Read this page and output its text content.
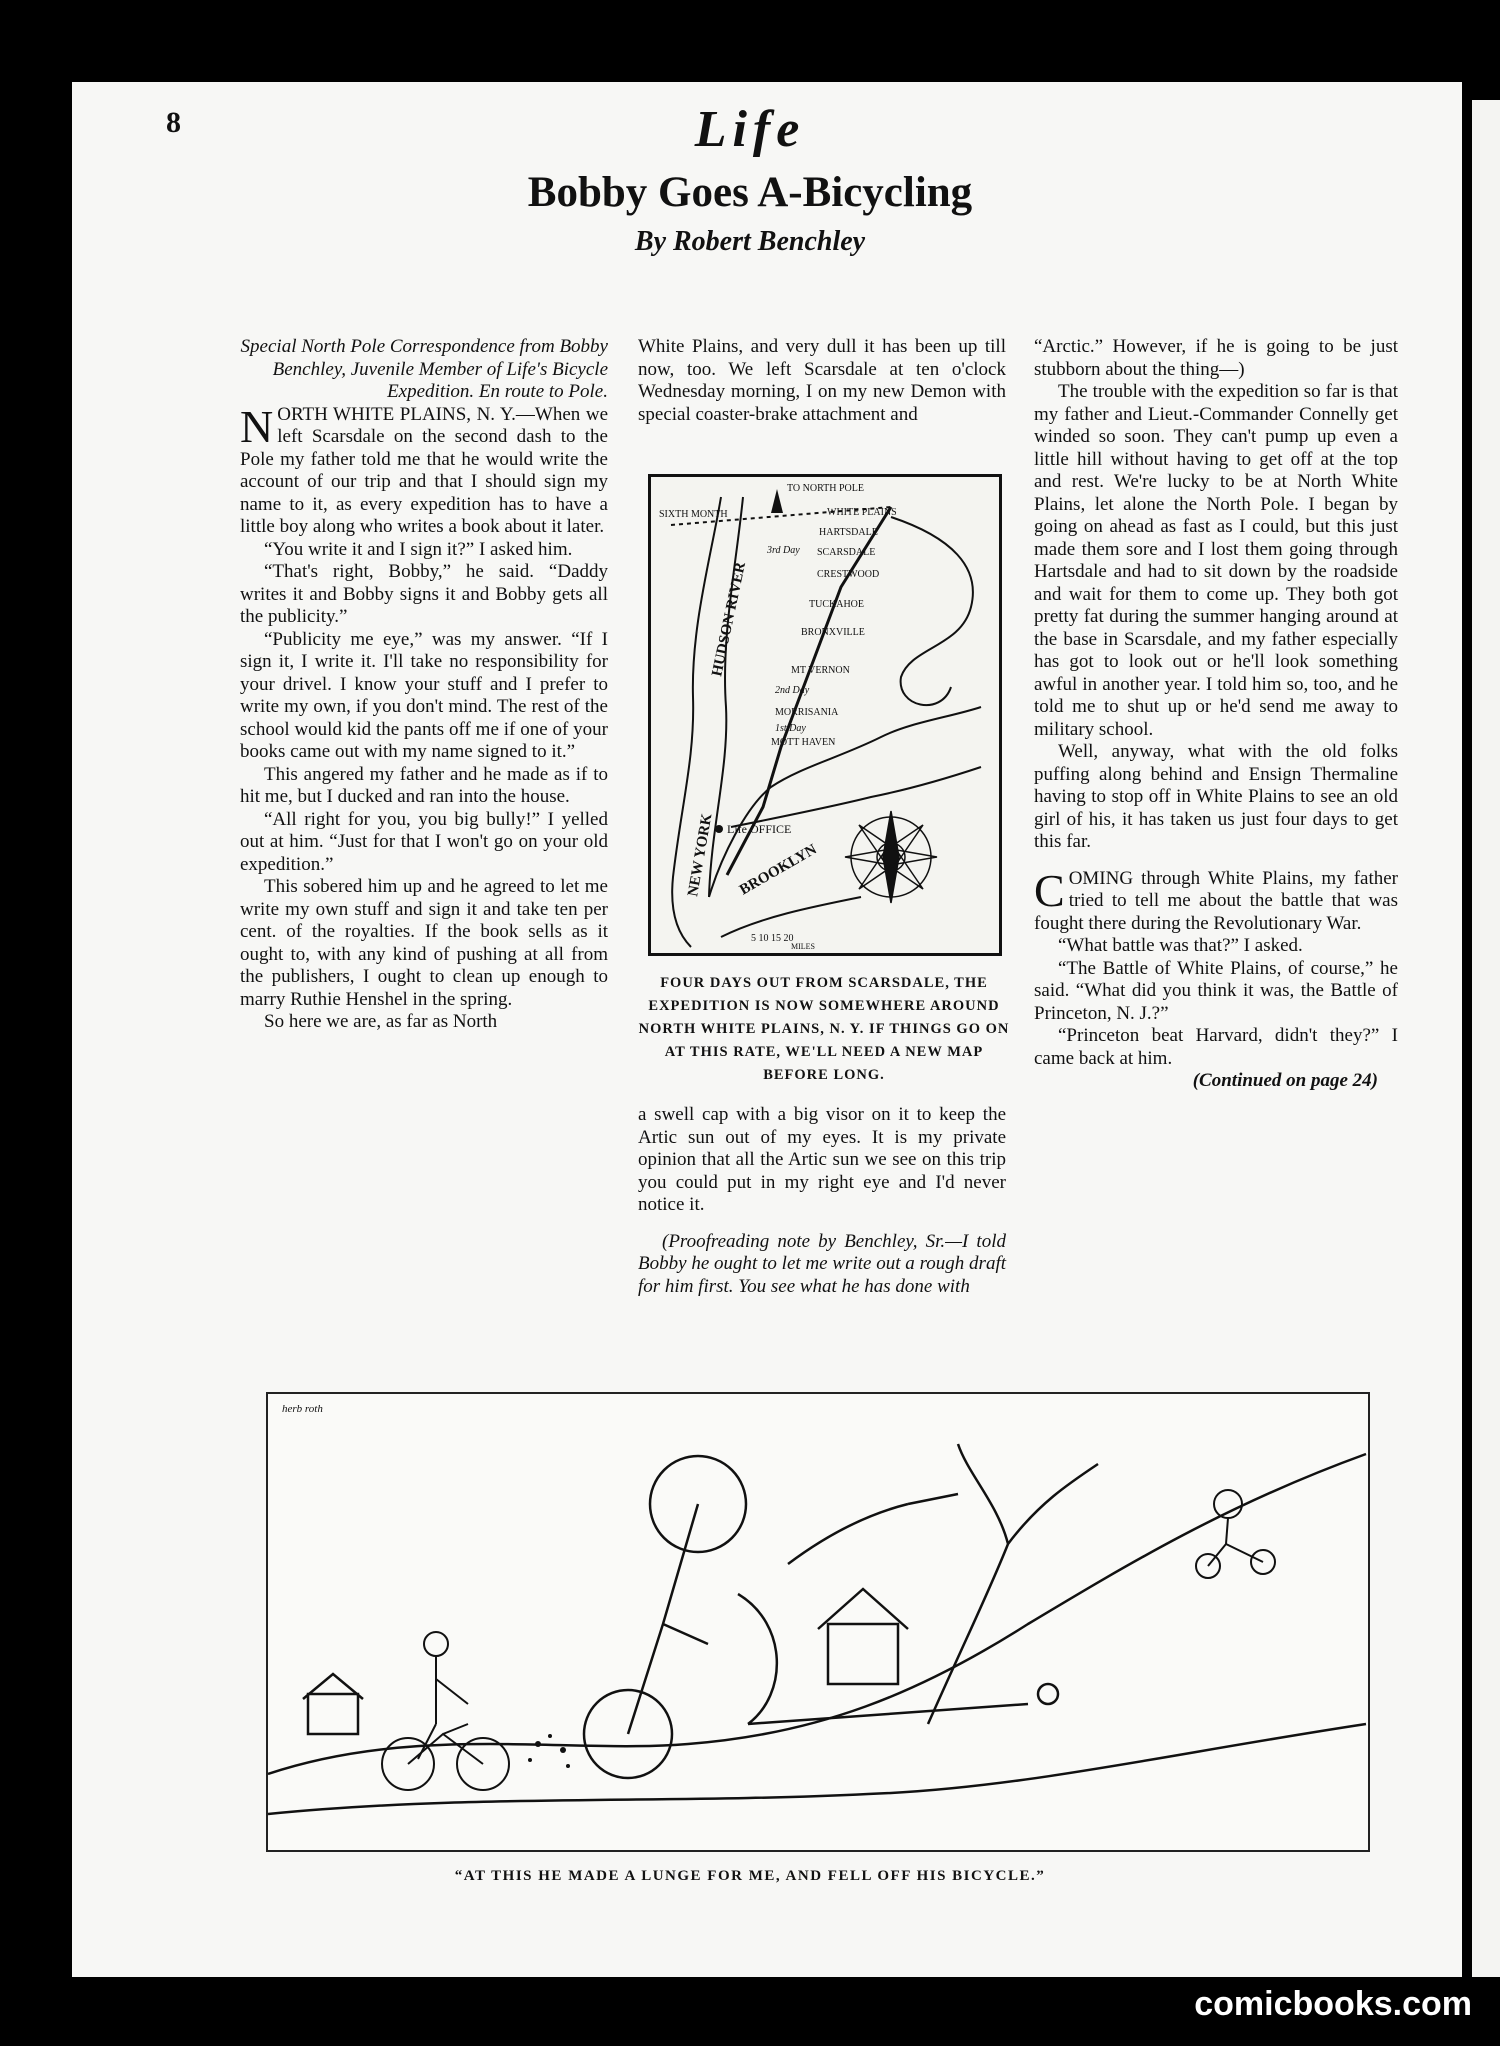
8	Life
Bobby Goes A-Bicycling
By Robert Benchley

Special North Pole Correspondence from Bobby Benchley, Juvenile Member of Life's Bicycle Expedition. En route to Pole.

NORTH WHITE PLAINS, N. Y.—When we left Scarsdale on the second dash to the Pole my father told me that he would write the account of our trip and that I should sign my name to it, as every expedition has to have a little boy along who writes a book about it later.

“You write it and I sign it?” I asked him.

“That's right, Bobby,” he said. “Daddy writes it and Bobby signs it and Bobby gets all the publicity.”

“Publicity me eye,” was my answer. “If I sign it, I write it. I'll take no responsibility for your drivel. I know your stuff and I prefer to write my own, if you don't mind. The rest of the school would kid the pants off me if one of your books came out with my name signed to it.”

This angered my father and he made as if to hit me, but I ducked and ran into the house.

“All right for you, you big bully!” I yelled out at him. “Just for that I won't go on your old expedition.”

This sobered him up and he agreed to let me write my own stuff and sign it and take ten per cent. of the royalties. If the book sells as it ought to, with any kind of pushing at all from the publishers, I ought to clean up enough to marry Ruthie Henshel in the spring.

So here we are, as far as North

White Plains, and very dull it has been up till now, too. We left Scarsdale at ten o'clock Wednesday morning, I on my new Demon with special coaster-brake attachment and

TO NORTH POLE
WHITE PLAINS
HARTSDALE
SCARSDALE
CRESTWOOD
TUCKAHOE
BRONXVILLE
MT VERNON
MORRISANIA
MOTT HAVEN
SIXTH MONTH
2nd Day
1st Day
3rd Day
Life OFFICE
5 10 15 20
MILES
HUDSON RIVER
NEW YORK BROOKLYN
FOUR DAYS OUT FROM SCARSDALE, THE EXPEDITION IS NOW SOMEWHERE AROUND NORTH WHITE PLAINS, N. Y. IF THINGS GO ON AT THIS RATE, WE'LL NEED A NEW MAP BEFORE LONG.

a swell cap with a big visor on it to keep the Artic sun out of my eyes. It is my private opinion that all the Artic sun we see on this trip you could put in my right eye and I'd never notice it.

(Proofreading note by Benchley, Sr.—I told Bobby he ought to let me write out a rough draft for him first. You see what he has done with

“Arctic.” However, if he is going to be just stubborn about the thing—)

The trouble with the expedition so far is that my father and Lieut.-Commander Connelly get winded so soon. They can't pump up even a little hill without having to get off at the top and rest. We're lucky to be at North White Plains, let alone the North Pole. I began by going on ahead as fast as I could, but this just made them sore and I lost them going through Hartsdale and had to sit down by the roadside and wait for them to come up. They both got pretty fat during the summer hanging around at the base in Scarsdale, and my father especially has got to look out or he'll look something awful in another year. I told him so, too, and he told me to shut up or he'd send me away to military school.

Well, anyway, what with the old folks puffing along behind and Ensign Thermaline having to stop off in White Plains to see an old girl of his, it has taken us just four days to get this far.

COMING through White Plains, my father tried to tell me about the battle that was fought there during the Revolutionary War.

“What battle was that?” I asked.

“The Battle of White Plains, of course,” he said. “What did you think it was, the Battle of Princeton, N. J.?”

“Princeton beat Harvard, didn't they?” I came back at him.

(Continued on page 24)

herb roth
“AT THIS HE MADE A LUNGE FOR ME, AND FELL OFF HIS BICYCLE.”
comicbooks.com
